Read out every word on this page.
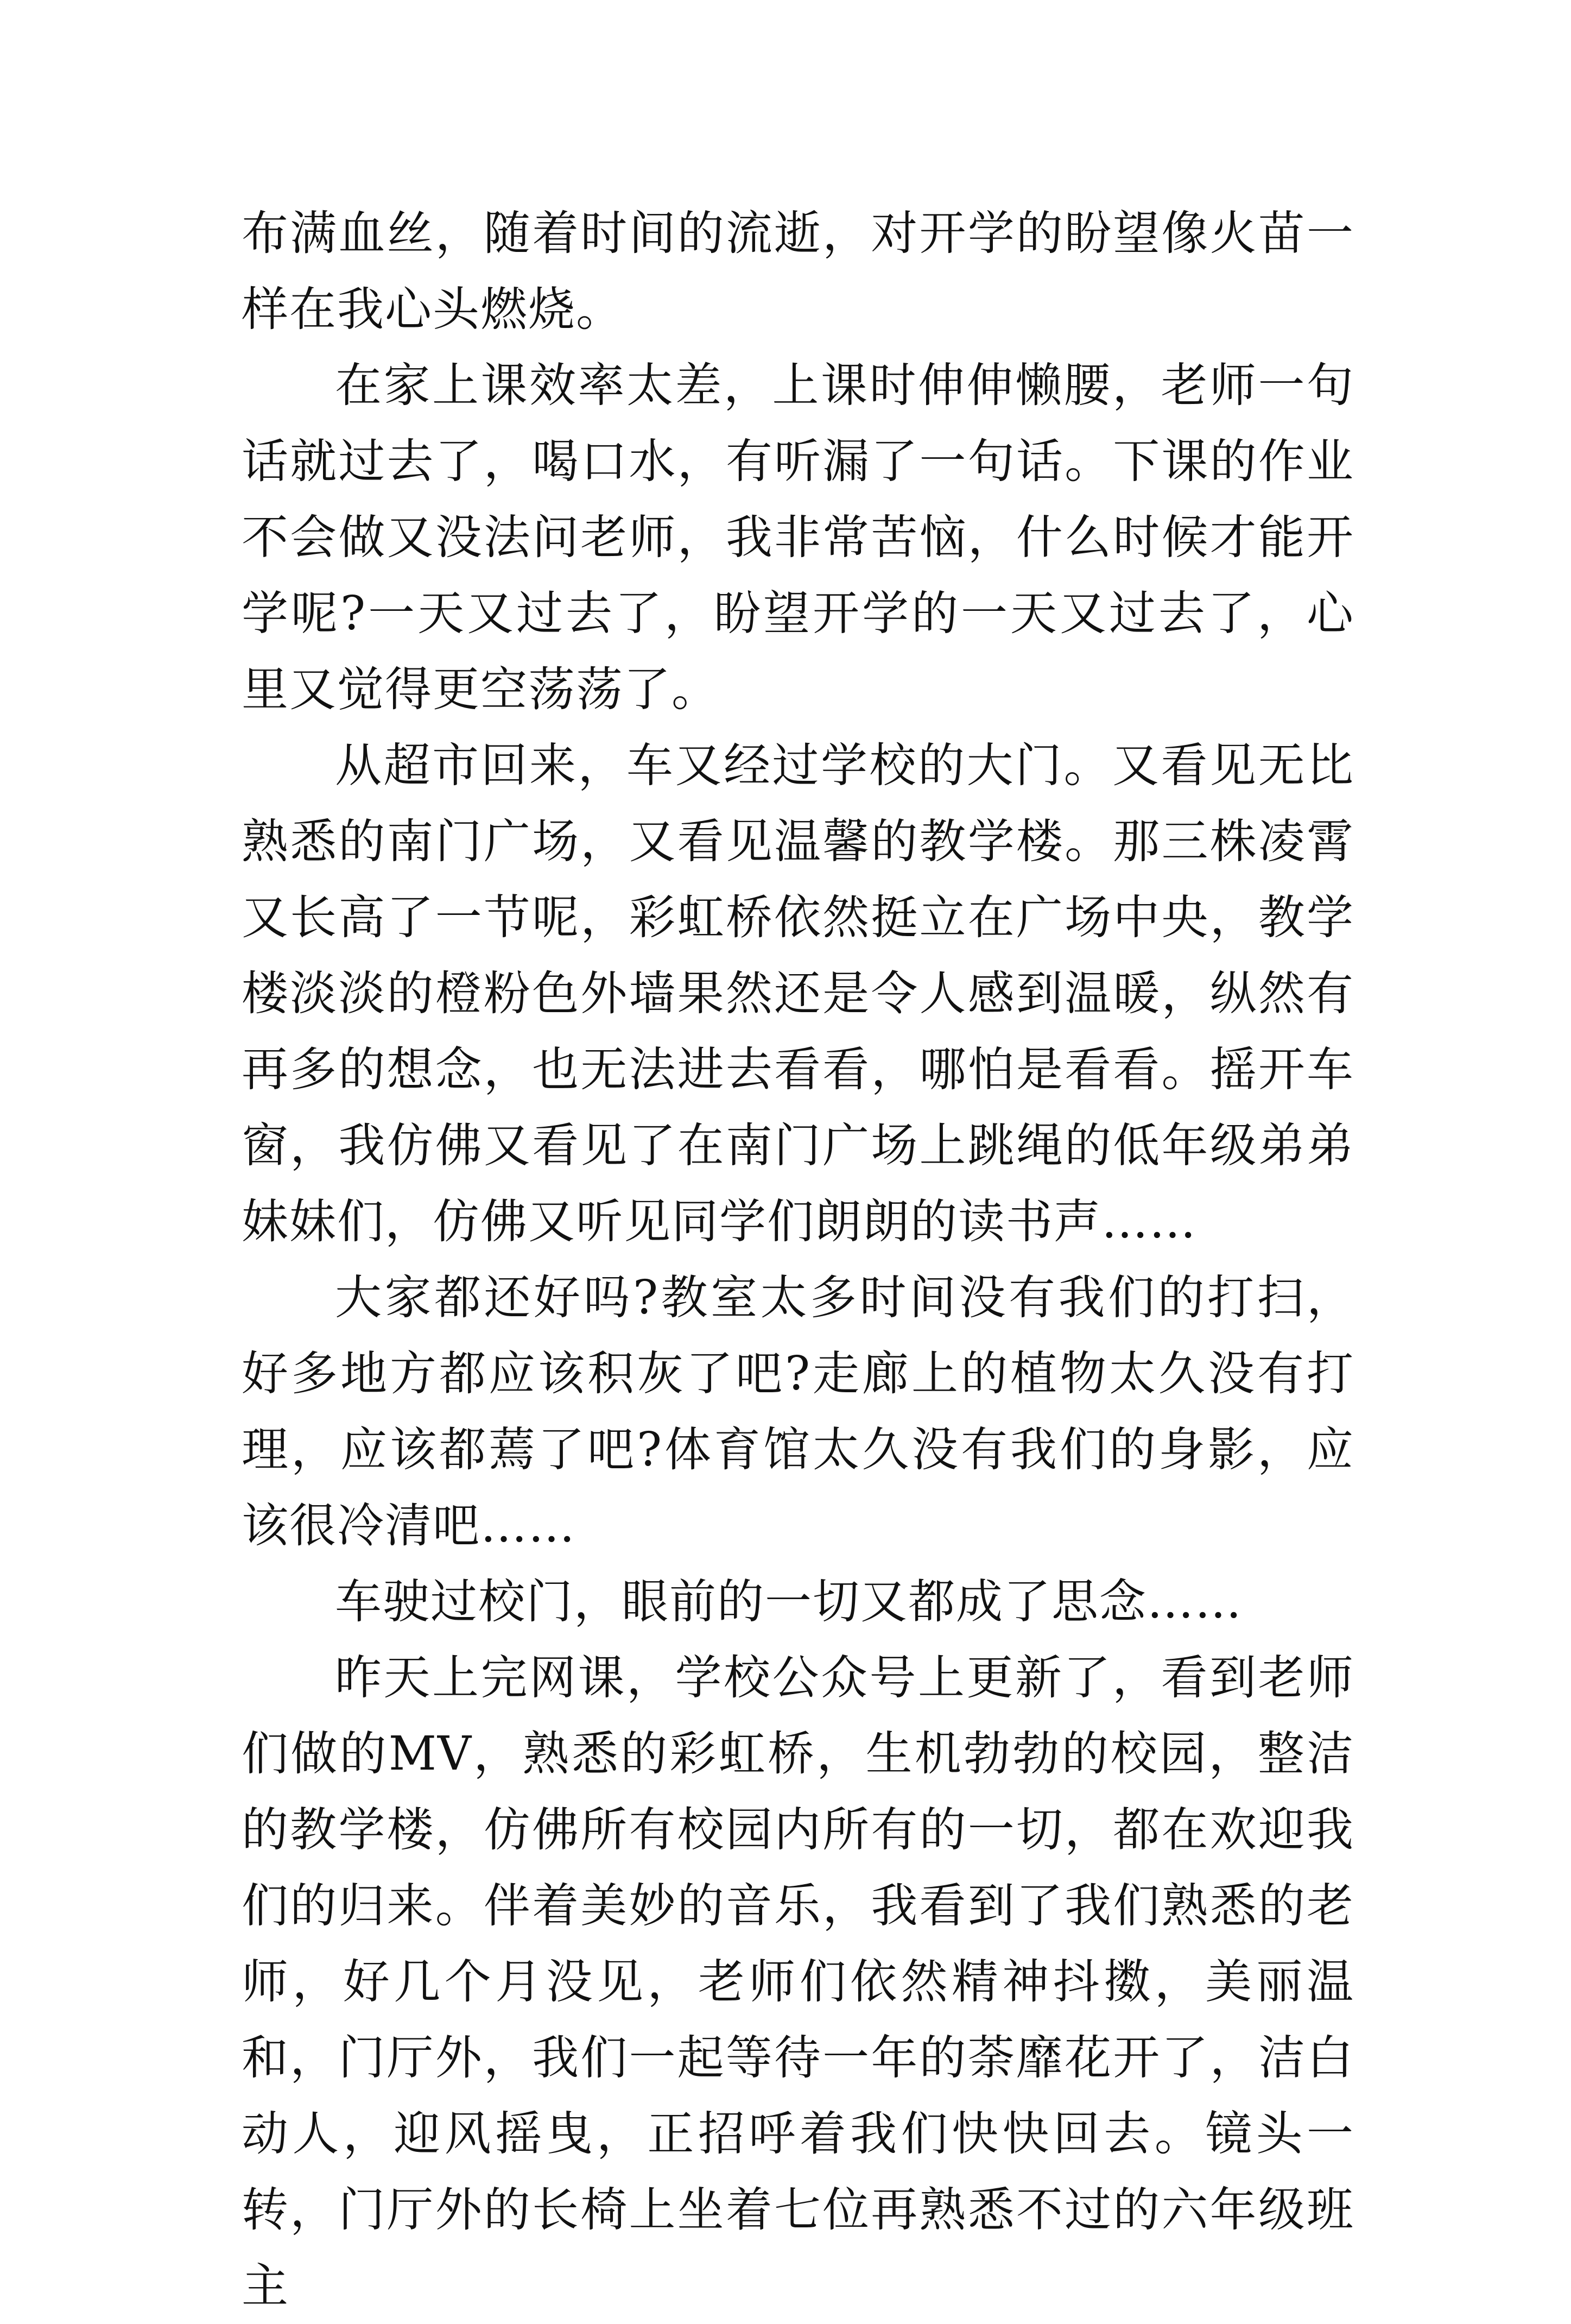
布满血丝，随着时间的流逝，对开学的盼望像火苗一样在我心头燃烧。

在家上课效率太差，上课时伸伸懒腰，老师一句话就过去了，喝口水，有听漏了一句话。下课的作业不会做又没法问老师，我非常苦恼，什么时候才能开学呢?一天又过去了，盼望开学的一天又过去了，心里又觉得更空荡荡了。

从超市回来，车又经过学校的大门。又看见无比熟悉的南门广场，又看见温馨的教学楼。那三株凌霄又长高了一节呢，彩虹桥依然挺立在广场中央，教学楼淡淡的橙粉色外墙果然还是令人感到温暖，纵然有再多的想念，也无法进去看看，哪怕是看看。摇开车窗，我仿佛又看见了在南门广场上跳绳的低年级弟弟妹妹们，仿佛又听见同学们朗朗的读书声……

大家都还好吗?教室太多时间没有我们的打扫，好多地方都应该积灰了吧?走廊上的植物太久没有打理，应该都蔫了吧?体育馆太久没有我们的身影，应该很冷清吧……

车驶过校门，眼前的一切又都成了思念……

昨天上完网课，学校公众号上更新了，看到老师们做的MV，熟悉的彩虹桥，生机勃勃的校园，整洁的教学楼，仿佛所有校园内所有的一切，都在欢迎我们的归来。伴着美妙的音乐，我看到了我们熟悉的老师，好几个月没见，老师们依然精神抖擞，美丽温和，门厅外，我们一起等待一年的荼靡花开了，洁白动人，迎风摇曳，正招呼着我们快快回去。镜头一转，门厅外的长椅上坐着七位再熟悉不过的六年级班主
